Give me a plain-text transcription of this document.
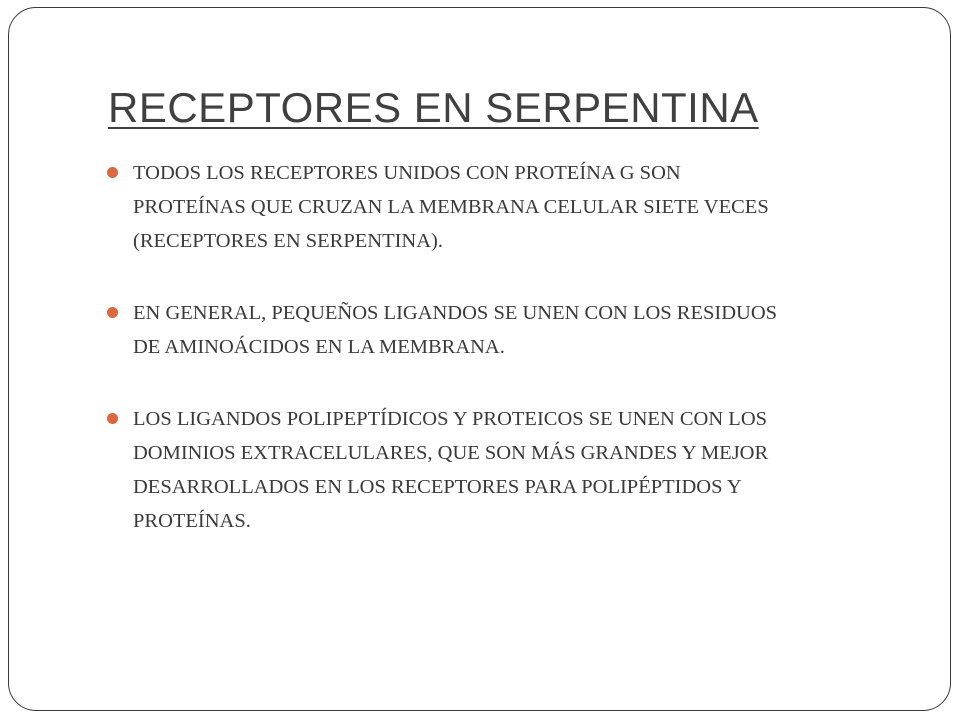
RECEPTORES EN SERPENTINA
TODOS LOS RECEPTORES UNIDOS CON PROTEÍNA G SON
PROTEÍNAS QUE CRUZAN LA MEMBRANA CELULAR SIETE VECES
(RECEPTORES EN SERPENTINA).
EN GENERAL, PEQUEÑOS LIGANDOS SE UNEN CON LOS RESIDUOS
DE AMINOÁCIDOS EN LA MEMBRANA.
LOS LIGANDOS POLIPEPTÍDICOS Y PROTEICOS SE UNEN CON LOS
DOMINIOS EXTRACELULARES, QUE SON MÁS GRANDES Y MEJOR
DESARROLLADOS EN LOS RECEPTORES PARA POLIPÉPTIDOS Y
PROTEÍNAS.
